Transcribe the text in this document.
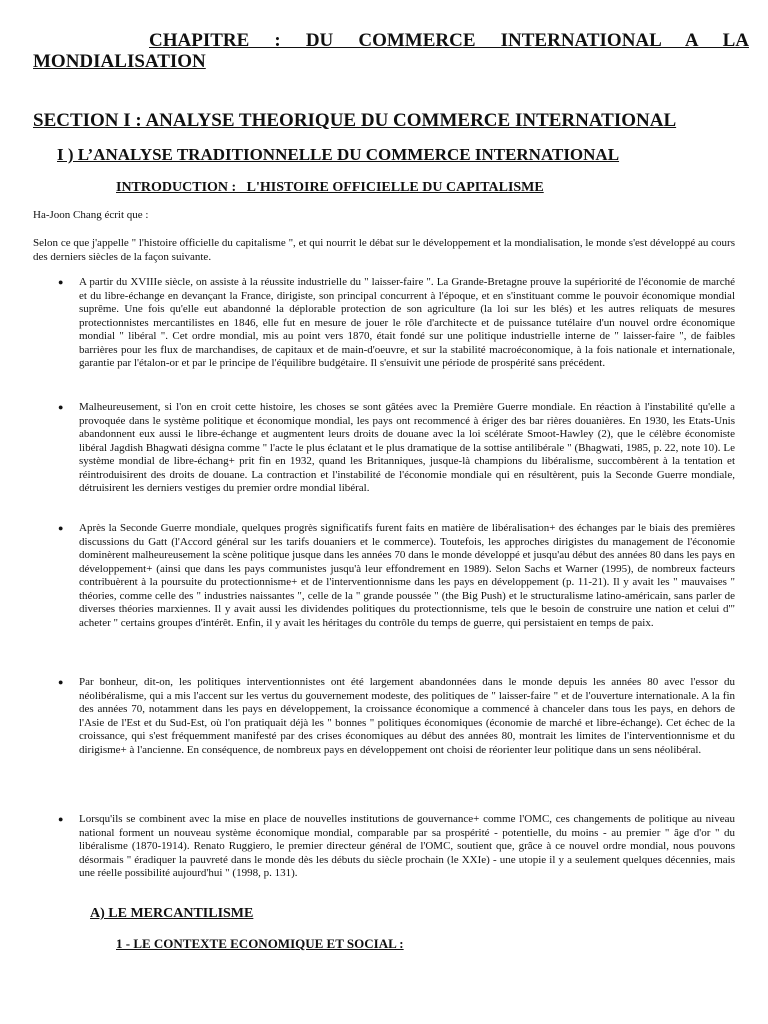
CHAPITRE : DU COMMERCE INTERNATIONAL A LA MONDIALISATION
SECTION I : ANALYSE THEORIQUE DU COMMERCE INTERNATIONAL
I ) L’ANALYSE TRADITIONNELLE DU COMMERCE INTERNATIONAL
INTRODUCTION :   L'HISTOIRE OFFICIELLE DU CAPITALISME

Ha-Joon Chang écrit que :

Selon ce que j'appelle " l'histoire officielle du capitalisme ", et qui nourrit le débat sur le développement et la mondialisation, le monde s'est développé au cours des derniers siècles de la façon suivante.

●	A partir du XVIIIe siècle, on assiste à la réussite industrielle du " laisser-faire ". La Grande-Bretagne prouve la supériorité de l'économie de marché et du libre-échange en devançant la France, dirigiste, son principal concurrent à l'époque, et en s'instituant comme le pouvoir économique mondial suprême. Une fois qu'elle eut abandonné la déplorable protection de son agriculture (la loi sur les blés) et les autres reliquats de mesures protectionnistes mercantilistes en 1846, elle fut en mesure de jouer le rôle d'architecte et de puissance tutélaire d'un nouvel ordre économique mondial " libéral ". Cet ordre mondial, mis au point vers 1870, était fondé sur une politique industrielle interne de " laisser-faire ", de faibles barrières pour les flux de marchandises, de capitaux et de main-d'oeuvre, et sur la stabilité macroéconomique, à la fois nationale et internationale, garantie par l'étalon-or et par le principe de l'équilibre budgétaire. Il s'ensuivit une période de prospérité sans précédent.
●	Malheureusement, si l'on en croit cette histoire, les choses se sont gâtées avec la Première Guerre mondiale. En réaction à l'instabilité qu'elle a provoquée dans le système politique et économique mondial, les pays ont recommencé à ériger des bar rières douanières. En 1930, les Etats-Unis abandonnent eux aussi le libre-échange et augmentent leurs droits de douane avec la loi scélérate Smoot-Hawley (2), que le célèbre économiste libéral Jagdish Bhagwati désigna comme " l'acte le plus éclatant et le plus dramatique de la sottise antilibérale " (Bhagwati, 1985, p. 22, note 10). Le système mondial de libre-échang+ prit fin en 1932, quand les Britanniques, jusque-là champions du libéralisme, succombèrent à la tentation et réintroduisirent des droits de douane. La contraction et l'instabilité de l'économie mondiale qui en résultèrent, puis la Seconde Guerre mondiale, détruisirent les derniers vestiges du premier ordre mondial libéral.
●	Après la Seconde Guerre mondiale, quelques progrès significatifs furent faits en matière de libéralisation+ des échanges par le biais des premières discussions du Gatt (l'Accord général sur les tarifs douaniers et le commerce). Toutefois, les approches dirigistes du management de l'économie dominèrent malheureusement la scène politique jusque dans les années 70 dans le monde développé et jusqu'au début des années 80 dans les pays en développement+ (ainsi que dans les pays communistes jusqu'à leur effondrement en 1989). Selon Sachs et Warner (1995), de nombreux facteurs contribuèrent à la poursuite du protectionnisme+ et de l'interventionnisme dans les pays en développement (p. 11-21). Il y avait les " mauvaises " théories, comme celle des " industries naissantes ", celle de la " grande poussée " (the Big Push) et le structuralisme latino-américain, sans parler de diverses théories marxiennes. Il y avait aussi les dividendes politiques du protectionnisme, tels que le besoin de construire une nation et celui d'" acheter " certains groupes d'intérêt. Enfin, il y avait les héritages du contrôle du temps de guerre, qui persistaient en temps de paix.
●	Par bonheur, dit-on, les politiques interventionnistes ont été largement abandonnées dans le monde depuis les années 80 avec l'essor du néolibéralisme, qui a mis l'accent sur les vertus du gouvernement modeste, des politiques de " laisser-faire " et de l'ouverture internationale. A la fin des années 70, notamment dans les pays en développement, la croissance économique a commencé à chanceler dans tous les pays, en dehors de l'Asie de l'Est et du Sud-Est, où l'on pratiquait déjà les " bonnes " politiques économiques (économie de marché et libre-échange). Cet échec de la croissance, qui s'est fréquemment manifesté par des crises économiques au début des années 80, montrait les limites de l'interventionnisme et du dirigisme+ à l'ancienne. En conséquence, de nombreux pays en développement ont choisi de réorienter leur politique dans un sens néolibéral.
●	Lorsqu'ils se combinent avec la mise en place de nouvelles institutions de gouvernance+ comme l'OMC, ces changements de politique au niveau national forment un nouveau système économique mondial, comparable par sa prospérité - potentielle, du moins - au premier " âge d'or " du libéralisme (1870-1914). Renato Ruggiero, le premier directeur général de l'OMC, soutient que, grâce à ce nouvel ordre mondial, nous pouvons désormais " éradiquer la pauvreté dans le monde dès les débuts du siècle prochain (le XXIe) - une utopie il y a seulement quelques décennies, mais une réelle possibilité aujourd'hui " (1998, p. 131).
A) LE MERCANTILISME
1 - LE CONTEXTE ECONOMIQUE ET SOCIAL :
